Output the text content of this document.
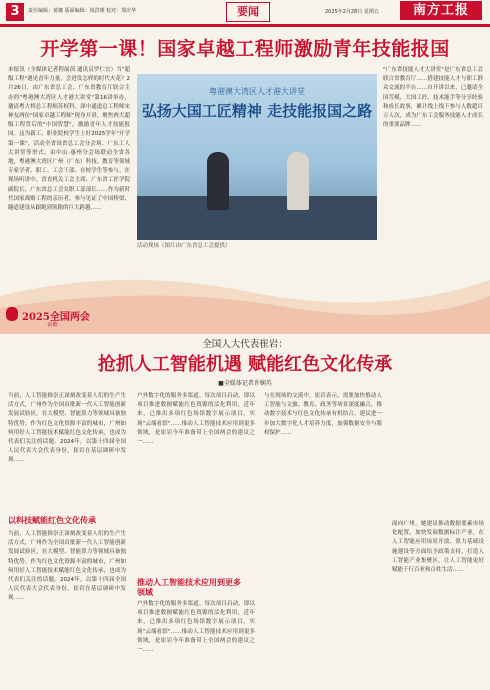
3	责任编辑：黄娜 版面编辑：钱洪瑾 校对：郑庆华	要闻	2025年2月28日 星期五	南方工报
开学第一课！国家卓越工程师激励青年技能报国
本报讯（全媒体记者程展茵 通讯员罗仁宜）当"超级工程"遇见青年力量，会迸发怎样的时代火花？2月26日，由广东省总工会、广东省教育厅联合主办的"粤港澳大湾区人才港大讲堂"第16讲举办，邀请粤大桥总工程师苏权科、深中通道总工程师宋神友两位"国家卓越工程师"现身开讲，聚焦两大超级工程背后的"中国智慧"，激励青年人才技能报国。这为新工、职业院校学生上好2025学年"开学第一课"。活动全省设省总工会分会场、广东工人大讲堂等形式，由中山·惠州分会场联动全省各地，粤港澳大湾区广州（广东）科技、教育等领域专家学者、职工、工会干部、在校学生等参与。在现场听讲中，省直机关工会主席、广东省工匠学院副院长、广东省总工会女职工部部长……作为新时代国家战略工程的亲历者，参与见证了中国桥梁、隧道建设从跟跑到领跑的巨大跨越……
粤港澳大湾区人才港大讲堂
弘扬大国工匠精神 走技能报国之路
活动现场（图片由广东省总工会提供）
"广东省技能人才大讲堂"是广东省总工会联合省教育厅……搭建技能人才与职工群众交流的平台……自开讲以来，已邀请全国劳模、大国工匠、技术能手等分享经验和成长故事，累计线上线下参与人数超百万人次，成为广东工会服务技能人才成长的重要品牌……
2025全国两会
·前瞻·
全国人大代表崔岩：
抢抓人工智能机遇 赋能红色文化传承
■全媒体记者许娴英
以科技赋能红色文化传承
推动人工智能技术应用到更多领域
当前，人工智能推崇正深刻改变着人们的生产生活方式，广州作为全国首批新一代人工智能创新发展试验区，在大模型、智能算力等领域具备独特优势。作为红色文化资源丰富的城市，广州如何用好人工智能技术赋能红色文化传承，也成为代表们关注的话题。2024年，以第十四届全国人民代表大会代表身份，崔岩在基层调研中发现……
当前，人工智能推崇正深刻改变着人们的生产生活方式，广州作为全国首批新一代人工智能创新发展试验区，在大模型、智能算力等领域具备独特优势。作为红色文化资源丰富的城市，广州如何用好人工智能技术赋能红色文化传承，也成为代表们关注的话题。2024年，以第十四届全国人民代表大会代表身份，崔岩在基层调研中发现……
户外数字化的服务多渠道。每次项目启动，即以项目推进数据赋能红色资源的活化利用，近年来，已推出多项红色场馆数字展示项目，实现"云端看馆"……推动人工智能技术应用到更多领域，是崔岩今年准备带上全国两会的建议之一……
户外数字化的服务多渠道。每次项目启动，即以项目推进数据赋能红色资源的活化利用，近年来，已推出多项红色场馆数字展示项目，实现"云端看馆"……推动人工智能技术应用到更多领域，是崔岩今年准备带上全国两会的建议之一……
与在现场的交流中，崔岩表示，需要加快推动人工智能与文旅、教育、政务等场景深度融合，推动数字技术与红色文化传承有机结合，建议进一步加大数字化人才培养力度，加强数据安全与版权保护……
面向广州，她建议推动数据要素市场化配置，加快发展数据标注产业，在人工智能应用场景开放、算力基础设施建设等方面给予政策支持，打造人工智能产业集聚区，让人工智能更好赋能千行百业和百姓生活……
